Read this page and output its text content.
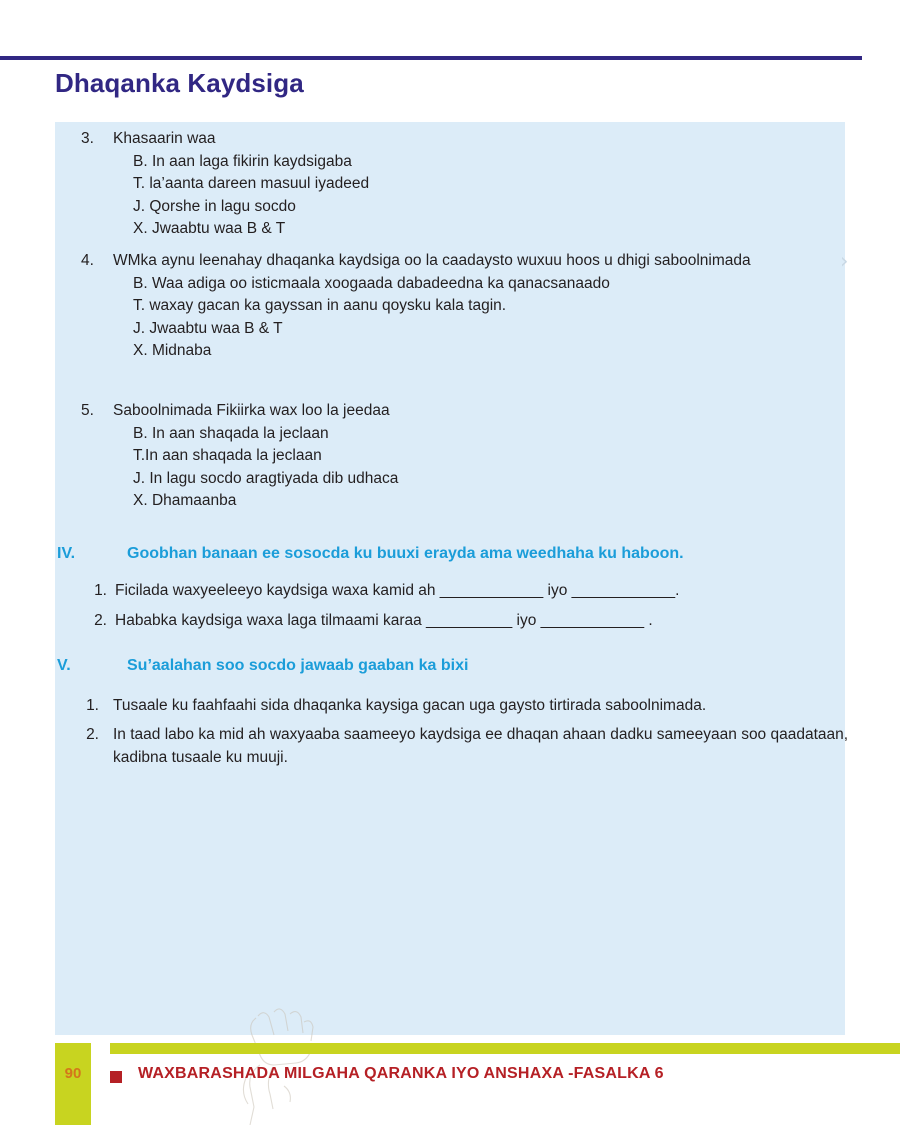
Dhaqanka Kaydsiga
3.	Khasaarin waa
B. In aan laga fikirin kaydsigaba
T. la’aanta dareen masuul iyadeed
J. Qorshe in lagu socdo
X. Jwaabtu waa B & T
4.	WMka aynu leenahay dhaqanka kaydsiga oo la caadaysto wuxuu hoos u dhigi saboolnimada
B. Waa adiga oo isticmaala xoogaada dabadeedna ka qanacsanaado
T. waxay gacan ka gayssan in aanu qoysku kala tagin.
J. Jwaabtu waa B & T
X. Midnaba
›
5.	Saboolnimada Fikiirka wax loo la jeedaa
B. In aan shaqada la jeclaan
T.In aan shaqada la jeclaan
J. In lagu socdo aragtiyada dib udhaca
X. Dhamaanba
IV.	Goobhan banaan ee sosocda ku buuxi erayda ama weedhaha ku haboon.
1. Ficilada waxyeeleeyo kaydsiga waxa kamid ah ____________ iyo ____________.
2. Hababka kaydsiga waxa laga tilmaami karaa __________ iyo ____________ .
V.	Su’aalahan soo socdo jawaab gaaban ka bixi
1. Tusaale ku faahfaahi sida dhaqanka kaysiga gacan uga gaysto tirtirada saboolnimada.
2. In taad labo ka mid ah waxyaaba saameeyo kaydsiga ee dhaqan ahaan dadku sameeyaan soo qaadataan, kadibna tusaale ku muuji.
90	WAXBARASHADA MILGAHA QARANKA IYO ANSHAXA -FASALKA 6
